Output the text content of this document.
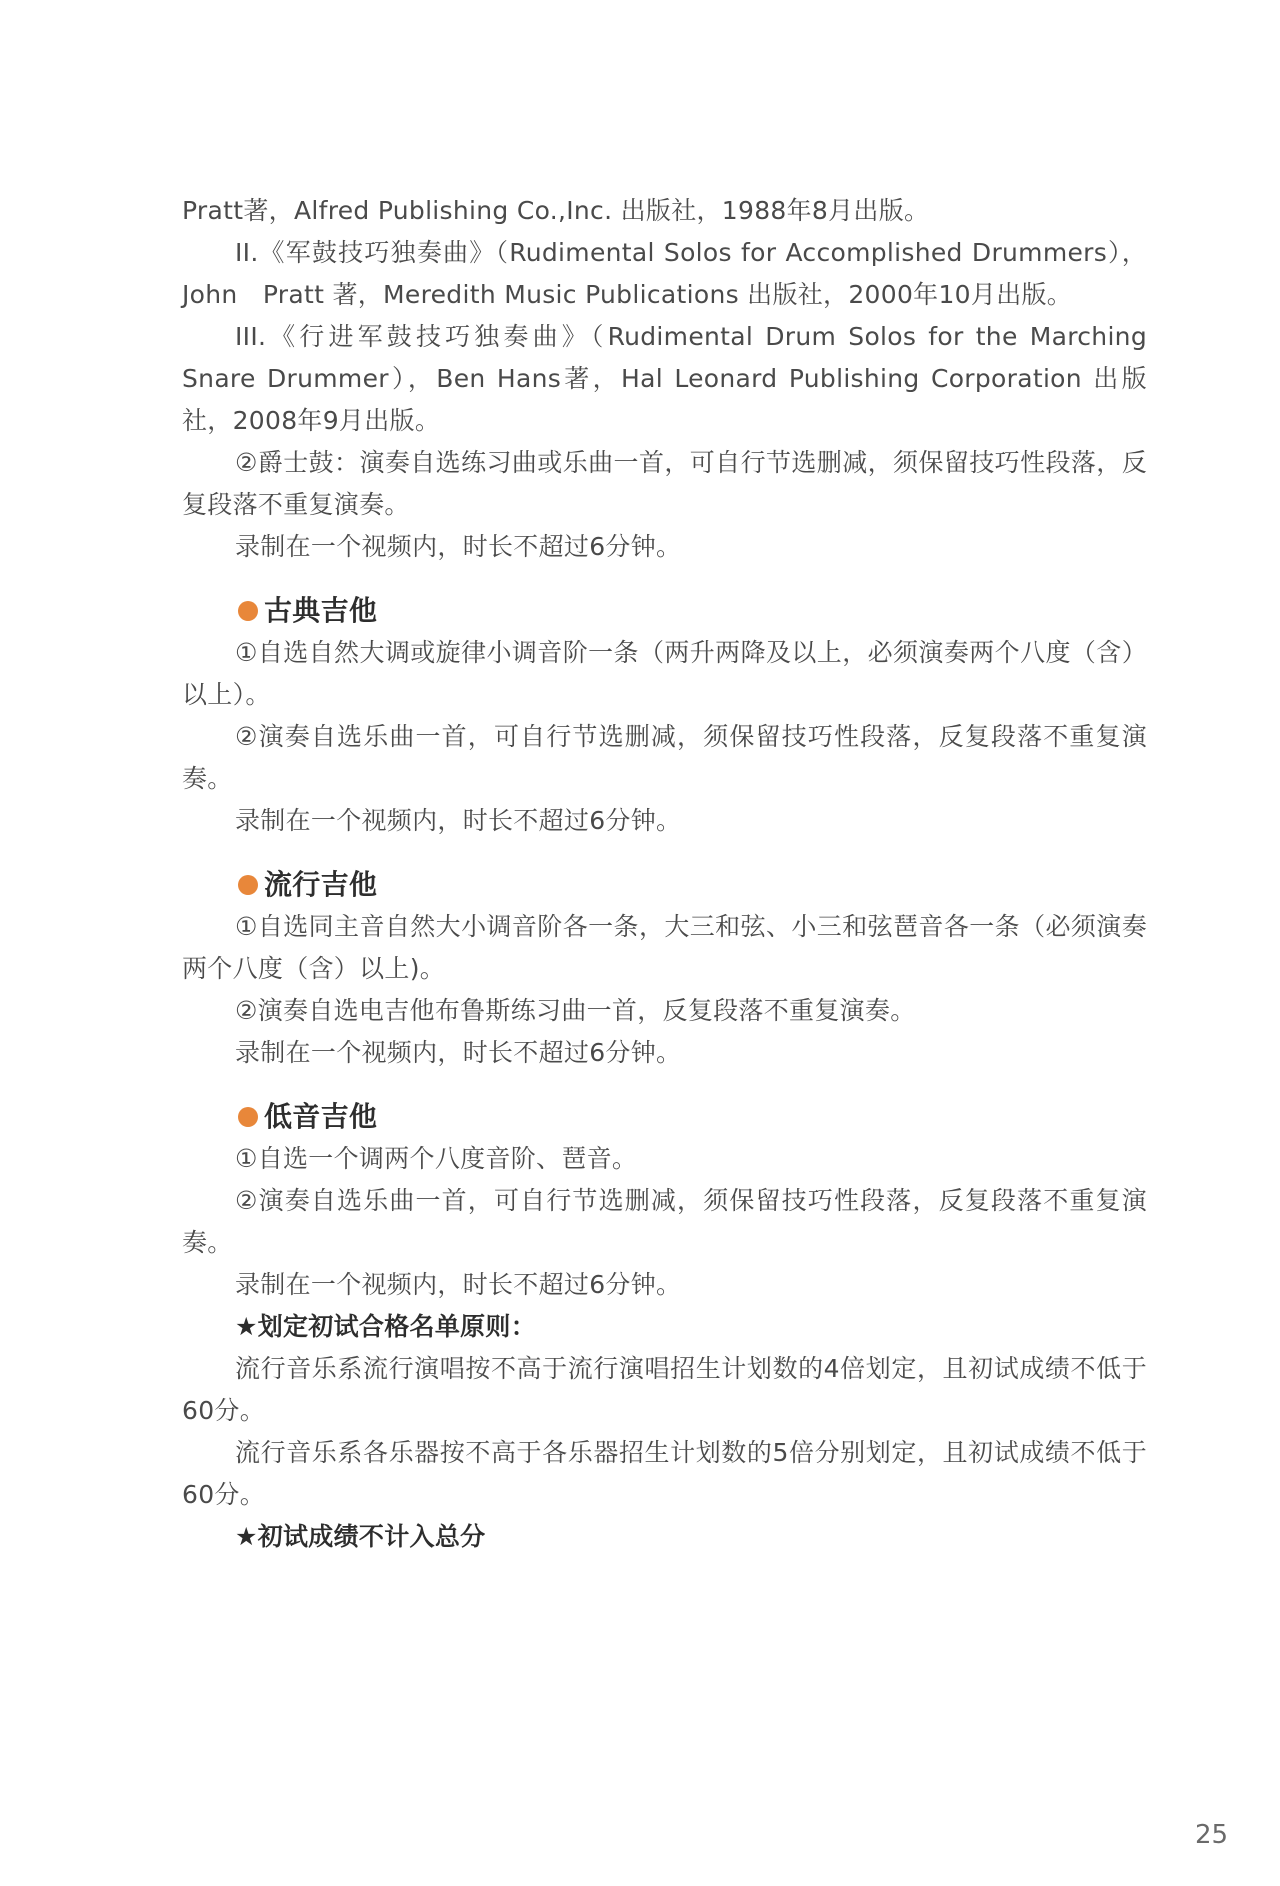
Pratt著，Alfred Publishing Co.,Inc. 出版社，1988年8月出版。

II.《军鼓技巧独奏曲》（Rudimental Solos for Accomplished Drummers），John　Pratt 著，Meredith Music Publications 出版社，2000年10月出版。

III.《行进军鼓技巧独奏曲》（Rudimental Drum Solos for the Marching Snare Drummer），Ben Hans著，Hal Leonard Publishing Corporation 出版社，2008年9月出版。

②爵士鼓：演奏自选练习曲或乐曲一首，可自行节选删减，须保留技巧性段落，反复段落不重复演奏。

录制在一个视频内，时长不超过6分钟。

古典吉他

①自选自然大调或旋律小调音阶一条（两升两降及以上，必须演奏两个八度（含）以上）。

②演奏自选乐曲一首，可自行节选删减，须保留技巧性段落，反复段落不重复演奏。

录制在一个视频内，时长不超过6分钟。

流行吉他

①自选同主音自然大小调音阶各一条，大三和弦、小三和弦琶音各一条（必须演奏两个八度（含）以上)。

②演奏自选电吉他布鲁斯练习曲一首，反复段落不重复演奏。

录制在一个视频内，时长不超过6分钟。

低音吉他

①自选一个调两个八度音阶、琶音。

②演奏自选乐曲一首，可自行节选删减，须保留技巧性段落，反复段落不重复演奏。

录制在一个视频内，时长不超过6分钟。

★划定初试合格名单原则：

流行音乐系流行演唱按不高于流行演唱招生计划数的4倍划定，且初试成绩不低于60分。

流行音乐系各乐器按不高于各乐器招生计划数的5倍分别划定，且初试成绩不低于60分。

★初试成绩不计入总分

25
